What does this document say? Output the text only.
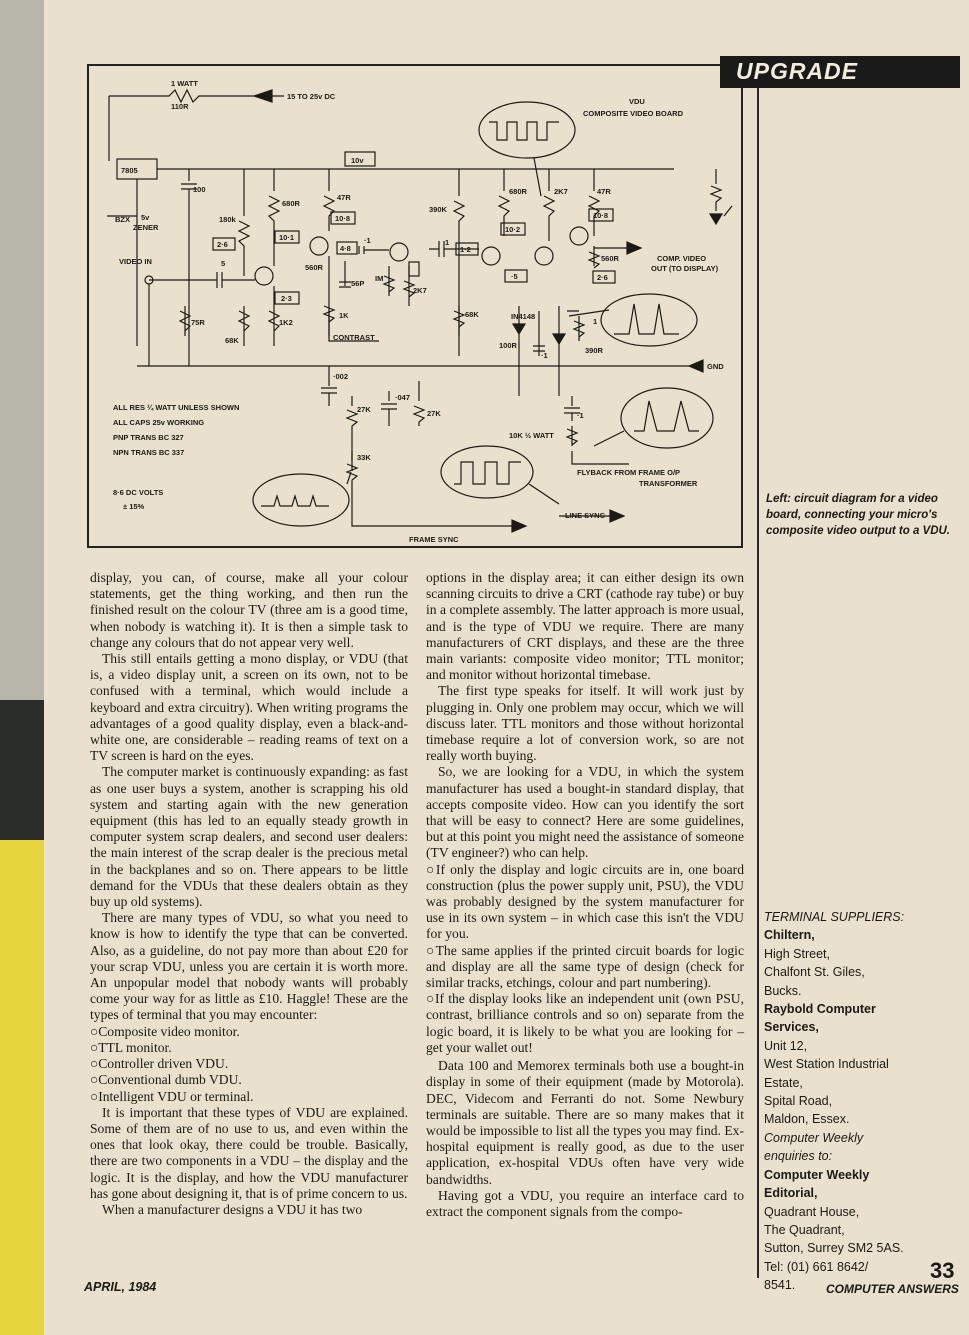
UPGRADE
1 WATT
110R
15 TO 25v DC
VDU
COMPOSITE VIDEO BOARD
7805
10v
100
BZX 5v
ZENER
180k
2·6
VIDEO IN	5
680R
10·1
2·3
75R
68K
1K2
47R
10·8
4·8
·1
560R
56P
IM
2K7
1K
CONTRAST
390K
1
1·2
68K
680R
10·2
·5
2K7	47R
10·8
560R
2·6
COMP. VIDEO
OUT (TO DISPLAY)
IN4148
100R
·1
1
390R
GND
·002
·047
27K	27K
33K
·1
10K ½ WATT
FLYBACK FROM FRAME O/P
TRANSFORMER
LINE SYNC
FRAME SYNC
ALL RES ¼ WATT UNLESS SHOWN
ALL CAPS 25v WORKING
PNP TRANS BC 327
NPN TRANS BC 337
8·6 DC VOLTS
± 15%
Left: circuit diagram for a video board, connecting your micro's composite video output to a VDU.

display, you can, of course, make all your colour statements, get the thing working, and then run the finished result on the colour TV (three am is a good time, when nobody is watching it). It is then a simple task to change any colours that do not appear very well.

This still entails getting a mono display, or VDU (that is, a video display unit, a screen on its own, not to be confused with a terminal, which would include a keyboard and extra circuitry). When writing programs the advantages of a good quality display, even a black-and-white one, are considerable – reading reams of text on a TV screen is hard on the eyes.

The computer market is continuously expanding: as fast as one user buys a system, another is scrapping his old system and starting again with the new generation equipment (this has led to an equally steady growth in computer system scrap dealers, and second user dealers: the main interest of the scrap dealer is the precious metal in the backplanes and so on. There appears to be little demand for the VDUs that these dealers obtain as they buy up old systems).

There are many types of VDU, so what you need to know is how to identify the type that can be converted. Also, as a guideline, do not pay more than about £20 for your scrap VDU, unless you are certain it is worth more. An unpopular model that nobody wants will probably come your way for as little as £10. Haggle! These are the types of terminal that you may encounter:

○Composite video monitor.
○TTL monitor.
○Controller driven VDU.
○Conventional dumb VDU.
○Intelligent VDU or terminal.

It is important that these types of VDU are explained. Some of them are of no use to us, and even within the ones that look okay, there could be trouble. Basically, there are two components in a VDU – the display and the logic. It is the display, and how the VDU manufacturer has gone about designing it, that is of prime concern to us.

When a manufacturer designs a VDU it has two

options in the display area; it can either design its own scanning circuits to drive a CRT (cathode ray tube) or buy in a complete assembly. The latter approach is more usual, and is the type of VDU we require. There are many manufacturers of CRT displays, and these are the three main variants: composite video monitor; TTL monitor; and monitor without horizontal timebase.

The first type speaks for itself. It will work just by plugging in. Only one problem may occur, which we will discuss later. TTL monitors and those without horizontal timebase require a lot of conversion work, so are not really worth buying.

So, we are looking for a VDU, in which the system manufacturer has used a bought-in standard display, that accepts composite video. How can you identify the sort that will be easy to connect? Here are some guidelines, but at this point you might need the assistance of someone (TV engineer?) who can help.

○If only the display and logic circuits are in, one board construction (plus the power supply unit, PSU), the VDU was probably designed by the system manufacturer for use in its own system – in which case this isn't the VDU for you.

○The same applies if the printed circuit boards for logic and display are all the same type of design (check for similar tracks, etchings, colour and part numbering).

○If the display looks like an independent unit (own PSU, contrast, brilliance controls and so on) separate from the logic board, it is likely to be what you are looking for – get your wallet out!

Data 100 and Memorex terminals both use a bought-in display in some of their equipment (made by Motorola). DEC, Videcom and Ferranti do not. Some Newbury terminals are suitable. There are so many makes that it would be impossible to list all the types you may find. Ex-hospital equipment is really good, as due to the user application, ex-hospital VDUs often have very wide bandwidths.

Having got a VDU, you require an interface card to extract the component signals from the compo-

TERMINAL SUPPLIERS:
Chiltern,
High Street,
Chalfont St. Giles,
Bucks.
Raybold Computer
Services,
Unit 12,
West Station Industrial
Estate,
Spital Road,
Maldon, Essex.
Computer Weekly
enquiries to:
Computer Weekly
Editorial,
Quadrant House,
The Quadrant,
Sutton, Surrey SM2 5AS.
Tel: (01) 661 8642/
8541.
APRIL, 1984
33
COMPUTER ANSWERS
